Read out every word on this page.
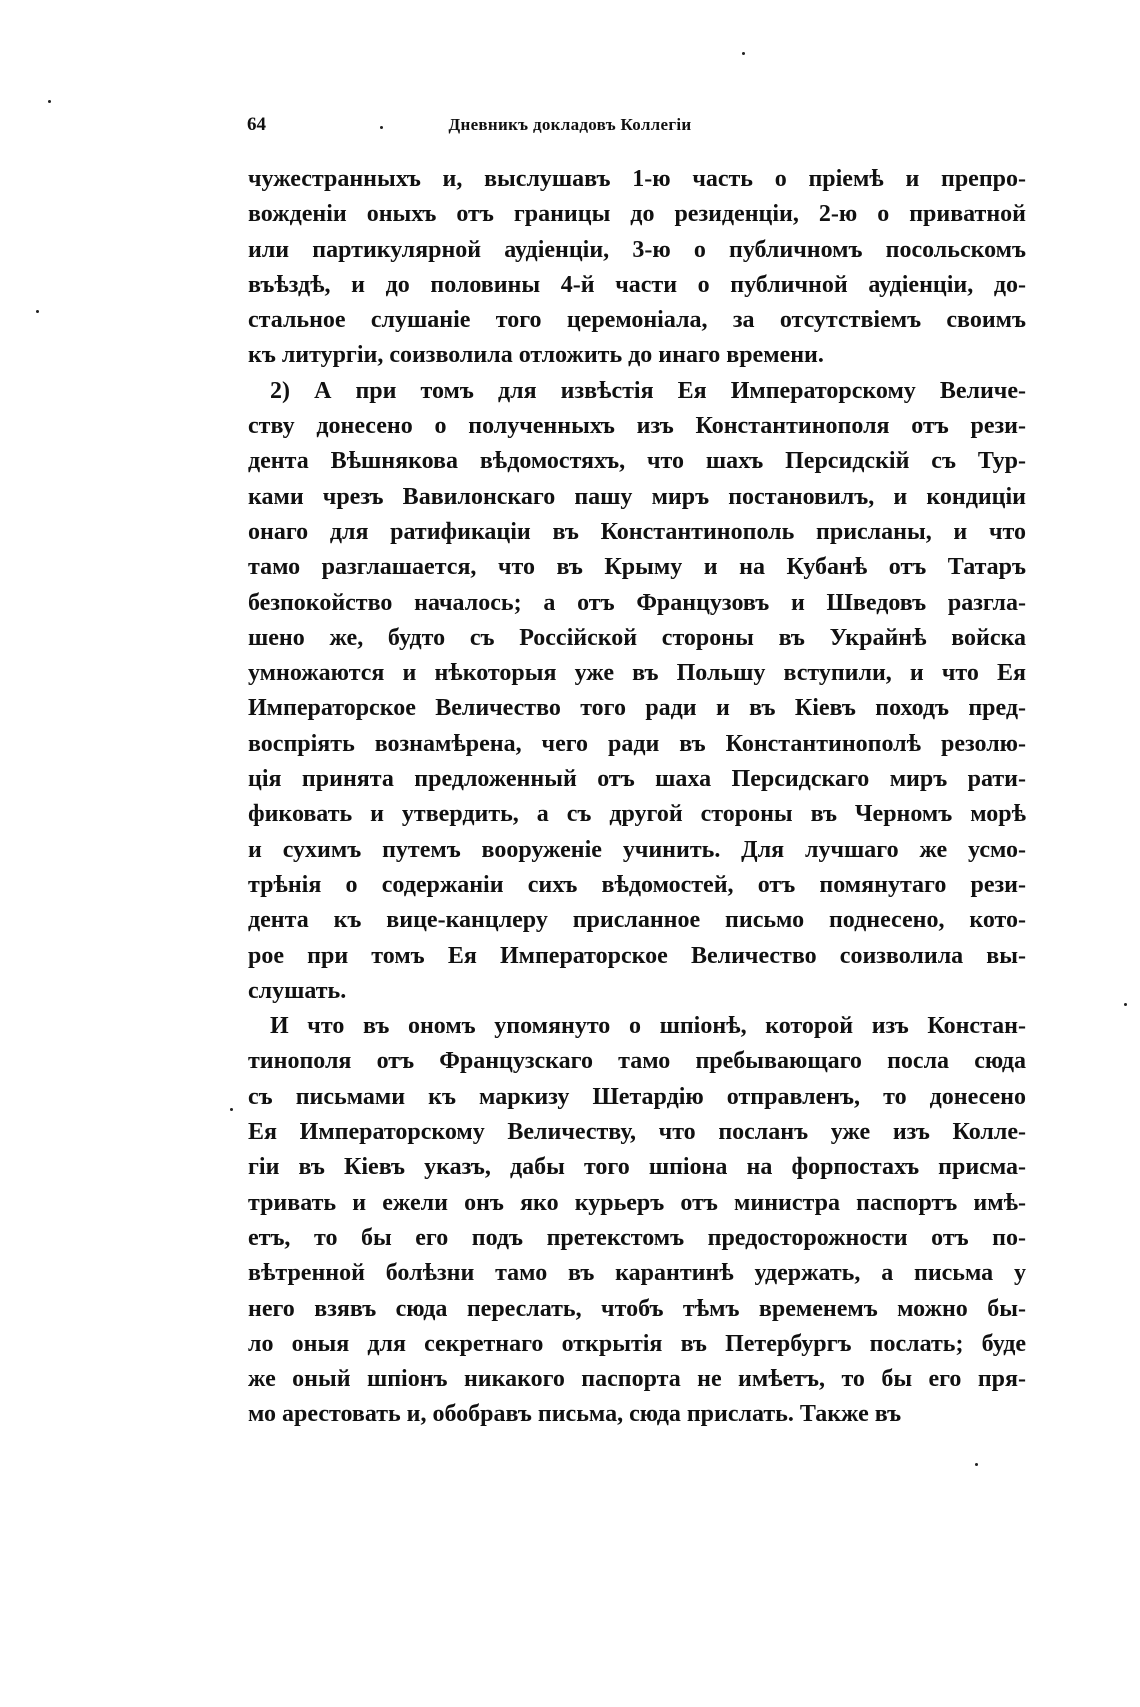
64	Дневникъ докладовъ Коллегіи
чужестранныхъ и, выслушавъ 1-ю часть о пріемѣ и препро-
вожденіи оныхъ отъ границы до резиденціи, 2-ю о приватной
или партикулярной аудіенціи, 3-ю о публичномъ посольскомъ
въѣздѣ, и до половины 4-й части о публичной аудіенціи, до-
стальное слушаніе того церемоніала, за отсутствіемъ своимъ
къ литургіи, соизволила отложить до инаго времени.
2) А при томъ для извѣстія Ея Императорскому Величе-
ству донесено о полученныхъ изъ Константинополя отъ рези-
дента Вѣшнякова вѣдомостяхъ, что шахъ Персидскій съ Тур-
ками чрезъ Вавилонскаго пашу миръ постановилъ, и кондиціи
онаго для ратификаціи въ Константинополь присланы, и что
тамо разглашается, что въ Крыму и на Кубанѣ отъ Татаръ
безпокойство началось; а отъ Французовъ и Шведовъ разгла-
шено же, будто съ Россійской стороны въ Украйнѣ войска
умножаются и нѣкоторыя уже въ Польшу вступили, и что Ея
Императорское Величество того ради и въ Кіевъ походъ пред-
воспріять вознамѣрена, чего ради въ Константинополѣ резолю-
ція принята предложенный отъ шаха Персидскаго миръ рати-
фиковать и утвердить, а съ другой стороны въ Черномъ морѣ
и сухимъ путемъ вооруженіе учинить. Для лучшаго же усмо-
трѣнія о содержаніи сихъ вѣдомостей, отъ помянутаго рези-
дента къ вице-канцлеру присланное письмо поднесено, кото-
рое при томъ Ея Императорское Величество соизволила вы-
слушать.
И что въ ономъ упомянуто о шпіонѣ, которой изъ Констан-
тинополя отъ Французскаго тамо пребывающаго посла сюда
съ письмами къ маркизу Шетардію отправленъ, то донесено
Ея Императорскому Величеству, что посланъ уже изъ Колле-
гіи въ Кіевъ указъ, дабы того шпіона на форпостахъ присма-
тривать и ежели онъ яко курьеръ отъ министра паспортъ имѣ-
етъ, то бы его подъ претекстомъ предосторожности отъ по-
вѣтренной болѣзни тамо въ карантинѣ удержать, а письма у
него взявъ сюда переслать, чтобъ тѣмъ временемъ можно бы-
ло оныя для секретнаго открытія въ Петербургъ послать; буде
же оный шпіонъ никакого паспорта не имѣетъ, то бы его пря-
мо арестовать и, обобравъ письма, сюда прислать. Также въ
